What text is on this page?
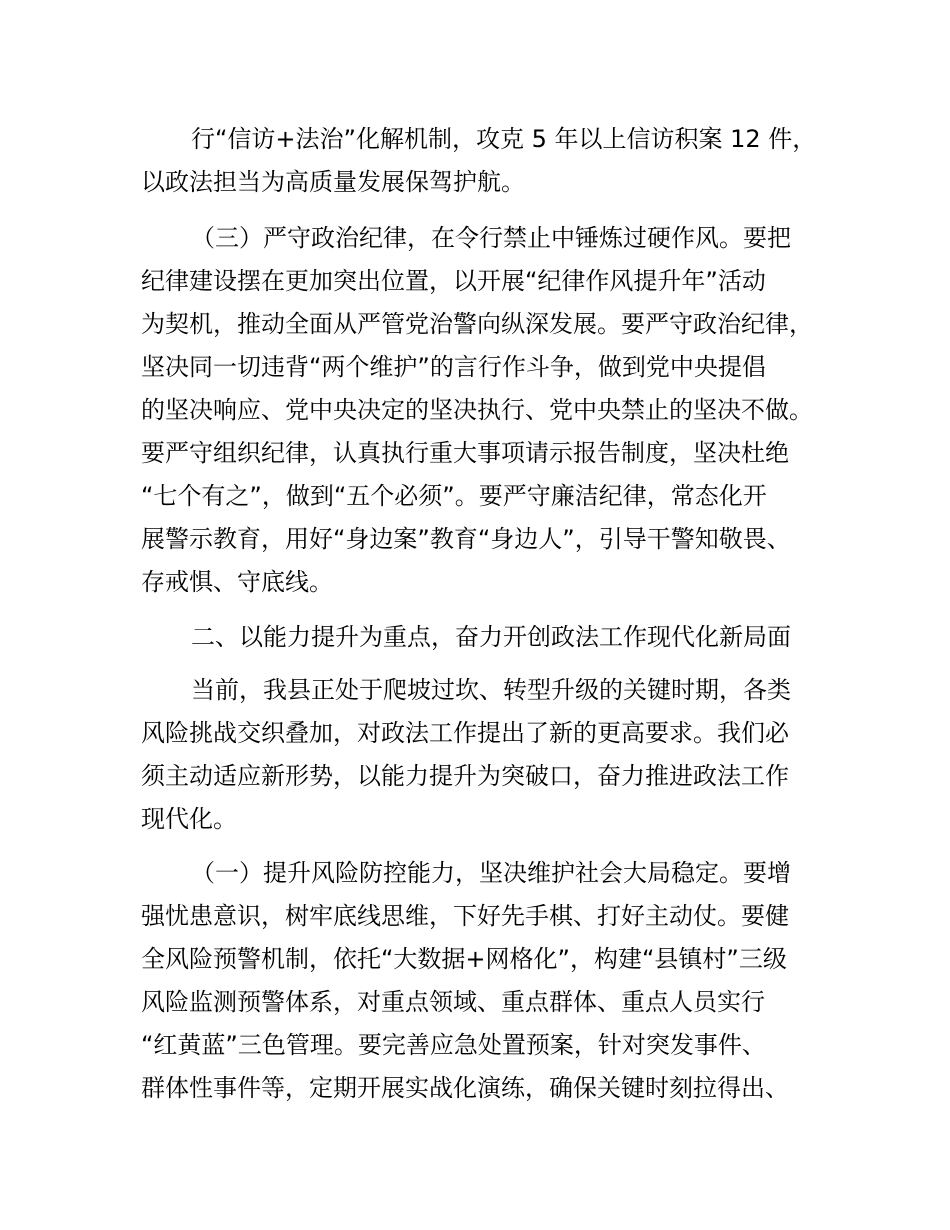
行“信访+法治”化解机制，攻克 5 年以上信访积案 12 件，
以政法担当为高质量发展保驾护航。
（三）严守政治纪律，在令行禁止中锤炼过硬作风。要把
纪律建设摆在更加突出位置，以开展“纪律作风提升年”活动
为契机，推动全面从严管党治警向纵深发展。要严守政治纪律，
坚决同一切违背“两个维护”的言行作斗争，做到党中央提倡
的坚决响应、党中央决定的坚决执行、党中央禁止的坚决不做。
要严守组织纪律，认真执行重大事项请示报告制度，坚决杜绝
“七个有之”，做到“五个必须”。要严守廉洁纪律，常态化开
展警示教育，用好“身边案”教育“身边人”，引导干警知敬畏、
存戒惧、守底线。
二、以能力提升为重点，奋力开创政法工作现代化新局面
当前，我县正处于爬坡过坎、转型升级的关键时期，各类
风险挑战交织叠加，对政法工作提出了新的更高要求。我们必
须主动适应新形势，以能力提升为突破口，奋力推进政法工作
现代化。
（一）提升风险防控能力，坚决维护社会大局稳定。要增
强忧患意识，树牢底线思维，下好先手棋、打好主动仗。要健
全风险预警机制，依托“大数据+网格化”，构建“县镇村”三级
风险监测预警体系，对重点领域、重点群体、重点人员实行
“红黄蓝”三色管理。要完善应急处置预案，针对突发事件、
群体性事件等，定期开展实战化演练，确保关键时刻拉得出、
